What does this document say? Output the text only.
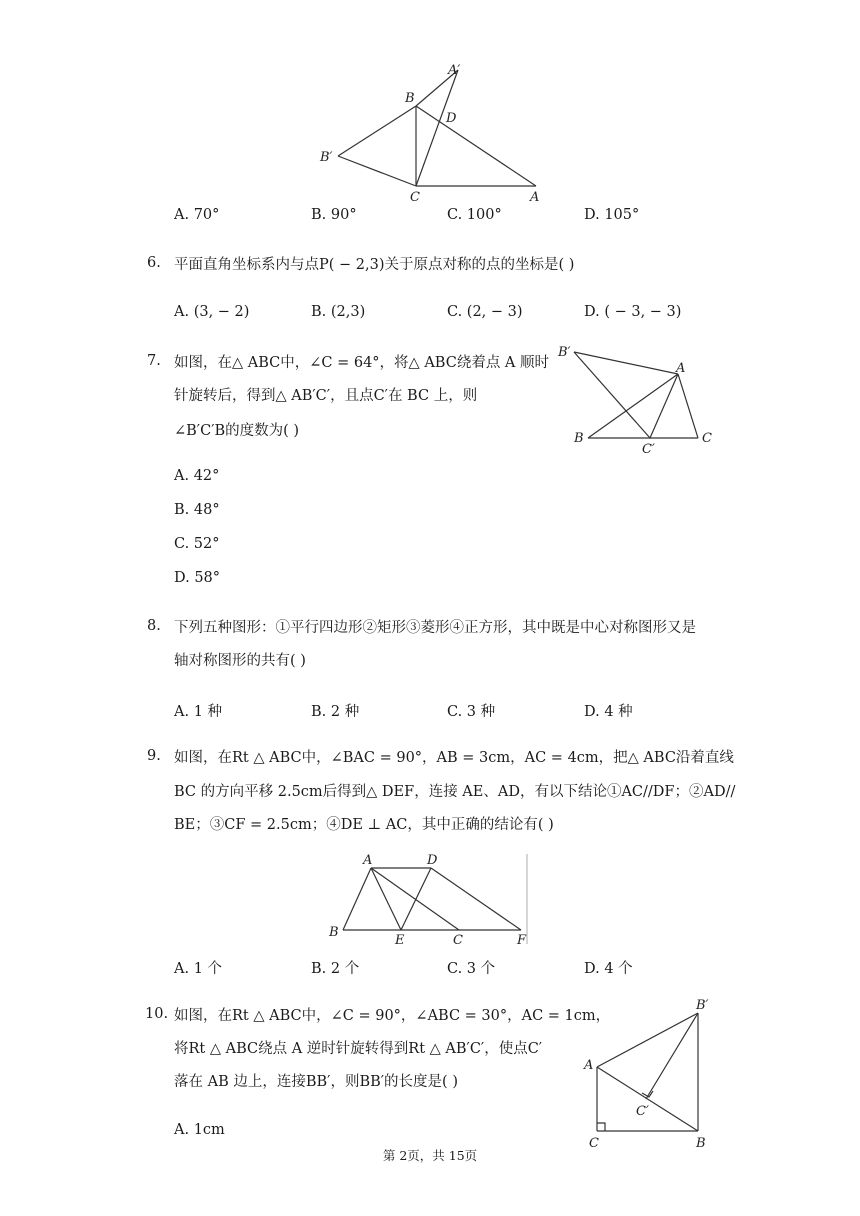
A′
B
D
B′
C	A
A. 70°	B. 90°	C. 100°	D. 105°
6. 平面直角坐标系内与点P( − 2,3)关于原点对称的点的坐标是( )
A. (3, − 2)	B. (2,3)	C. (2, − 3)	D. ( − 3, − 3)
7. 如图，在△ ABC中，∠C = 64°，将△ ABC绕着点 A 顺时
针旋转后，得到△ AB′C′，且点C′在 BC 上，则
∠B′C′B的度数为( )
B′
A
B
C′
C
A. 42°
B. 48°
C. 52°
D. 58°
8. 下列五种图形：①平行四边形②矩形③菱形④正方形，其中既是中心对称图形又是
轴对称图形的共有( )
A. 1 种	B. 2 种	C. 3 种	D. 4 种
9. 如图，在Rt △ ABC中，∠BAC = 90°，AB = 3cm，AC = 4cm，把△ ABC沿着直线
BC 的方向平移 2.5cm后得到△ DEF，连接 AE、AD，有以下结论①AC//DF；②AD//
BE；③CF = 2.5cm；④DE ⊥ AC，其中正确的结论有( )
A	D
B
E	C	F
A. 1 个	B. 2 个	C. 3 个	D. 4 个
10. 如图，在Rt △ ABC中，∠C = 90°，∠ABC = 30°，AC = 1cm，
将Rt △ ABC绕点 A 逆时针旋转得到Rt △ AB′C′，使点C′
落在 AB 边上，连接BB′，则BB′的长度是( )
A. 1cm
B′
A
C′
C	B
第 2页，共 15页
